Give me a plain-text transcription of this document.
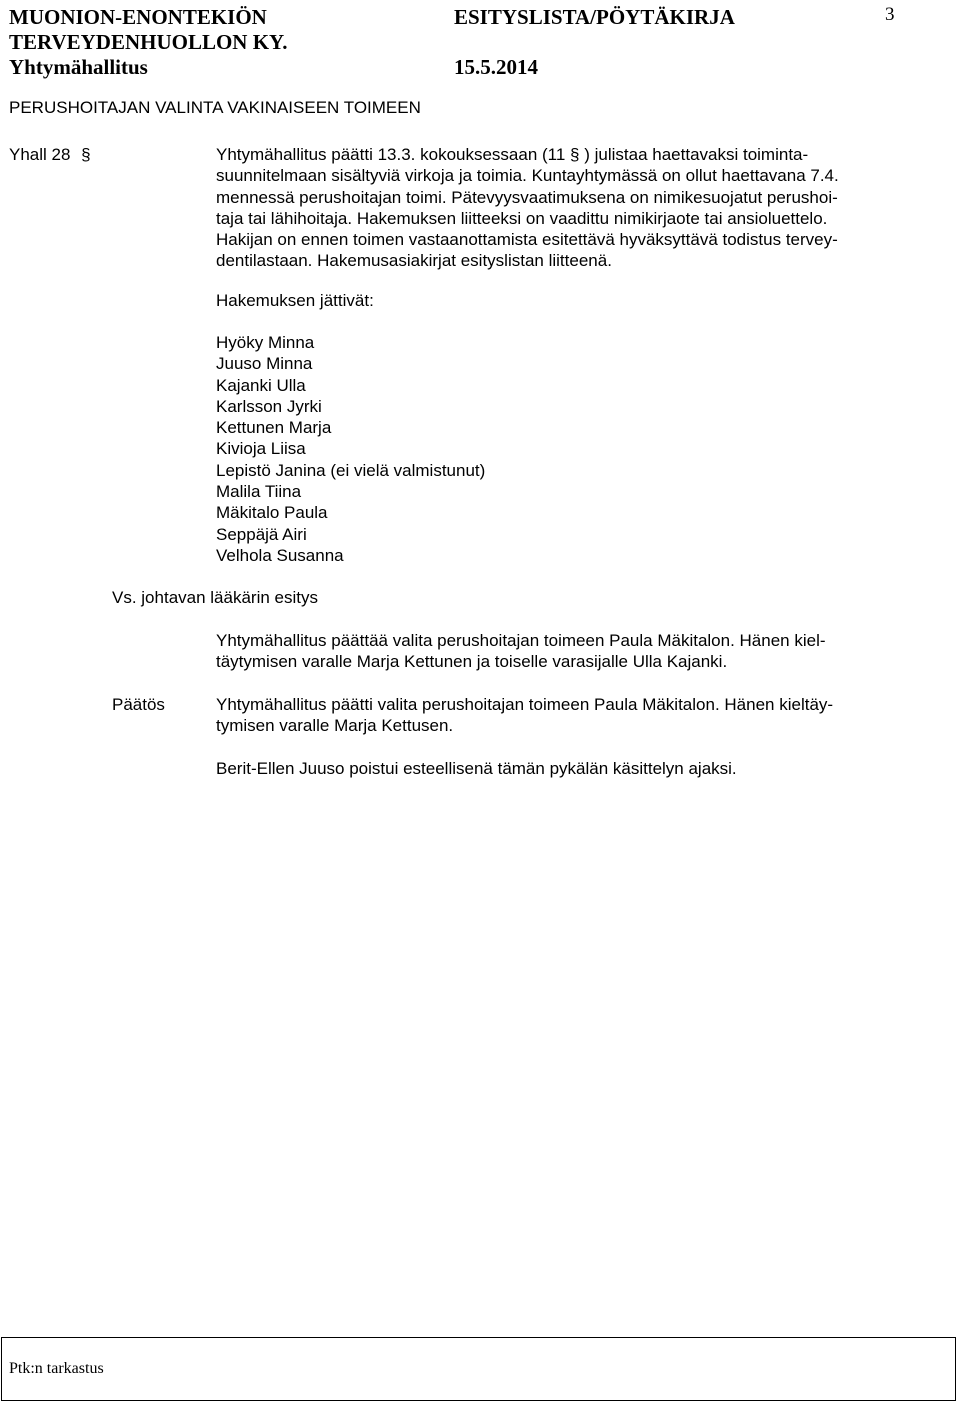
MUONION-ENONTEKIÖN
TERVEYDENHUOLLON KY.
Yhtymähallitus
ESITYSLISTA/PÖYTÄKIRJA
15.5.2014
3
PERUSHOITAJAN VALINTA VAKINAISEEN TOIMEEN
Yhall 28 §	Yhtymähallitus päätti 13.3. kokouksessaan (11 § ) julistaa haettavaksi toiminta-
suunnitelmaan sisältyviä virkoja ja toimia. Kuntayhtymässä on ollut haettavana 7.4.
mennessä perushoitajan toimi. Pätevyysvaatimuksena on nimikesuojatut perushoi-
taja tai lähihoitaja. Hakemuksen liitteeksi on vaadittu nimikirjaote tai ansioluettelo.
Hakijan on ennen toimen vastaanottamista esitettävä hyväksyttävä todistus tervey-
dentilastaan. Hakemusasiakirjat esityslistan liitteenä.
Hakemuksen jättivät:
Hyöky Minna
Juuso Minna
Kajanki Ulla
Karlsson Jyrki
Kettunen Marja
Kivioja Liisa
Lepistö Janina (ei vielä valmistunut)
Malila Tiina
Mäkitalo Paula
Seppäjä Airi
Velhola Susanna
Vs. johtavan lääkärin esitys
Yhtymähallitus päättää valita perushoitajan toimeen Paula Mäkitalon. Hänen kiel-
täytymisen varalle Marja Kettunen ja toiselle varasijalle Ulla Kajanki.
Päätös	Yhtymähallitus päätti valita perushoitajan toimeen Paula Mäkitalon. Hänen kieltäy-
tymisen varalle Marja Kettusen.
Berit-Ellen Juuso poistui esteellisenä tämän pykälän käsittelyn ajaksi.
Ptk:n tarkastus
